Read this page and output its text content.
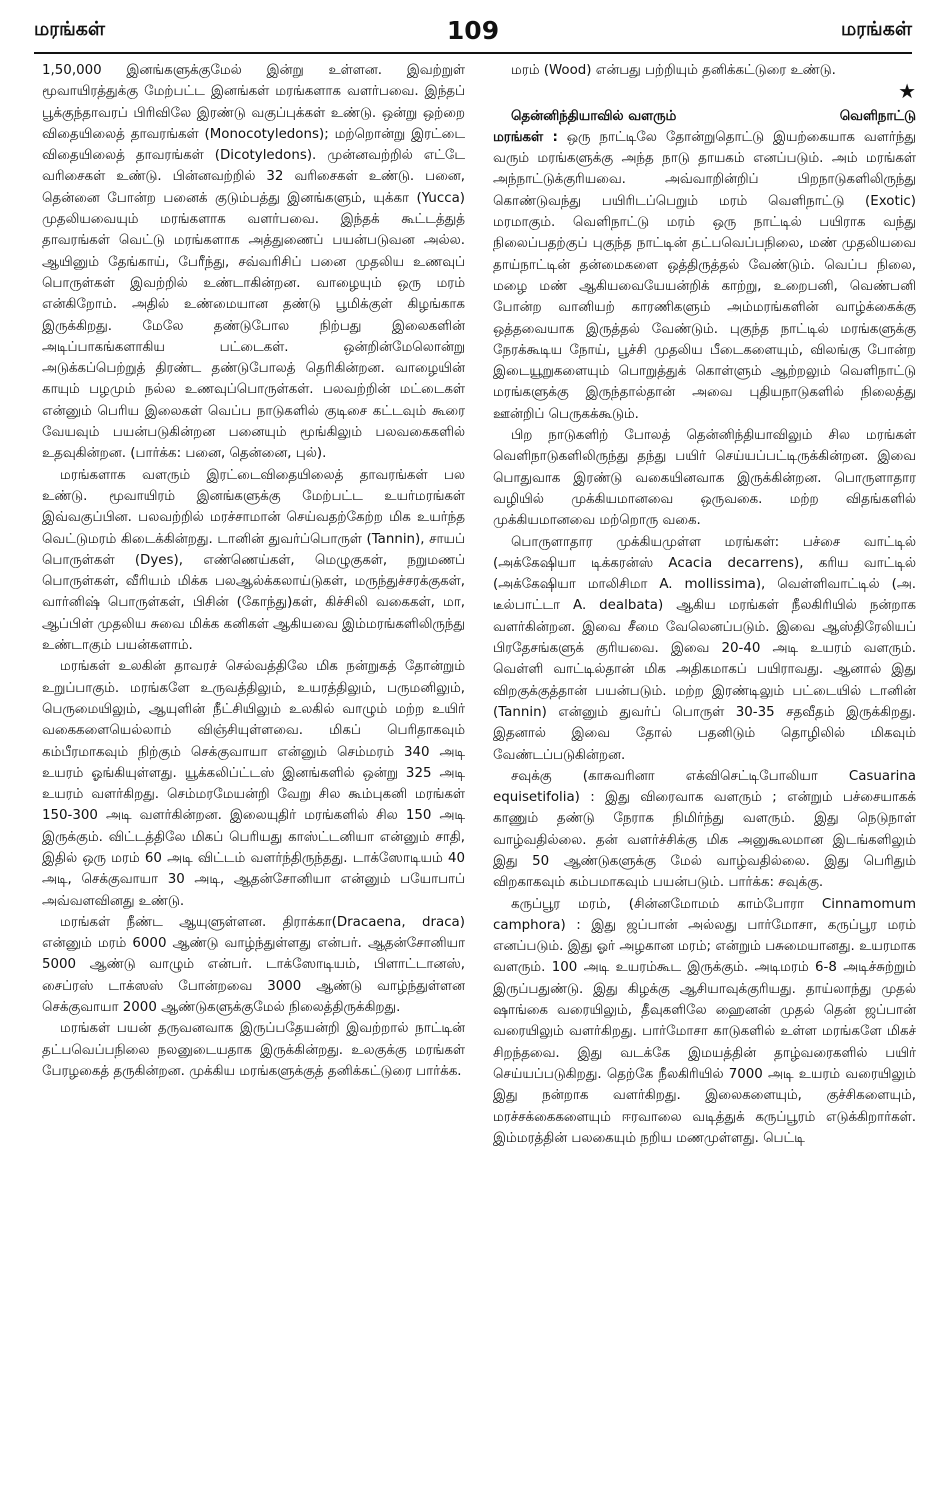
மரங்கள்	109	மரங்கள்

1,50,000 இனங்களுக்குமேல் இன்று உள்ளன. இவற்றுள் மூவாயிரத்துக்கு மேற்பட்ட இனங்கள் மரங்களாக வளர்பவை. இந்தப் பூக்குந்தாவரப் பிரிவிலே இரண்டு வகுப்புக்கள் உண்டு. ஒன்று ஒற்றை விதையிலைத் தாவரங்கள் (Monocotyledons); மற்றொன்று இரட்டை விதையிலைத் தாவரங்கள் (Dicotyledons). முன்னவற்றில் எட்டே வரிசைகள் உண்டு. பின்னவற்றில் 32 வரிசைகள் உண்டு. பனை, தென்னை போன்ற பனைக் குடும்பத்து இனங்களும், யுக்கா (Yucca) முதலியவையும் மரங்களாக வளர்பவை. இந்தக் கூட்டத்துத் தாவரங்கள் வெட்டு மரங்களாக அத்துணைப் பயன்படுவன அல்ல. ஆயினும் தேங்காய், பேரீந்து, சவ்வரிசிப் பனை முதலிய உணவுப் பொருள்கள் இவற்றில் உண்டாகின்றன. வாழையும் ஒரு மரம் என்கிறோம். அதில் உண்மையான தண்டு பூமிக்குள் கிழங்காக இருக்கிறது. மேலே தண்டுபோல நிற்பது இலைகளின் அடிப்பாகங்களாகிய பட்டைகள். ஒன்றின்மேலொன்று அடுக்கப்பெற்றுத் திரண்ட தண்டுபோலத் தெரிகின்றன. வாழையின் காயும் பழமும் நல்ல உணவுப்பொருள்கள். பலவற்றின் மட்டைகள் என்னும் பெரிய இலைகள் வெப்ப நாடுகளில் குடிசை கட்டவும் கூரை வேயவும் பயன்படுகின்றன பனையும் மூங்கிலும் பலவகைகளில் உதவுகின்றன. (பார்க்க: பனை, தென்னை, புல்).

மரங்களாக வளரும் இரட்டைவிதையிலைத் தாவரங்கள் பல உண்டு. மூவாயிரம் இனங்களுக்கு மேற்பட்ட உயர்மரங்கள் இவ்வகுப்பின. பலவற்றில் மரச்சாமான் செய்வதற்கேற்ற மிக உயர்ந்த வெட்டுமரம் கிடைக்கின்றது. டானின் துவர்ப்பொருள் (Tannin), சாயப் பொருள்கள் (Dyes), எண்ணெய்கள், மெழுகுகள், நறுமணப் பொருள்கள், வீரியம் மிக்க பலஆல்க்கலாய்டுகள், மருந்துச்சரக்குகள், வார்னிஷ் பொருள்கள், பிசின் (கோந்து)கள், கிச்சிலி வகைகள், மா, ஆப்பிள் முதலிய சுவை மிக்க கனிகள் ஆகியவை இம்மரங்களிலிருந்து உண்டாகும் பயன்களாம்.

மரங்கள் உலகின் தாவரச் செல்வத்திலே மிக நன்றுகத் தோன்றும் உறுப்பாகும். மரங்களே உருவத்திலும், உயரத்திலும், பருமனிலும், பெருமையிலும், ஆயுளின் நீட்சியிலும் உலகில் வாழும் மற்ற உயிர் வகைகளையெல்லாம் விஞ்சியுள்ளவை. மிகப் பெரிதாகவும் கம்பீரமாகவும் நிற்கும் செக்குவாயா என்னும் செம்மரம் 340 அடி உயரம் ஓங்கியுள்ளது. யூக்கலிப்ட்டஸ் இனங்களில் ஒன்று 325 அடி உயரம் வளர்கிறது. செம்மரமேயன்றி வேறு சில கூம்புகனி மரங்கள் 150-300 அடி வளர்கின்றன. இலையுதிர் மரங்களில் சில 150 அடி இருக்கும். விட்டத்திலே மிகப் பெரியது காஸ்ட்டனியா என்னும் சாதி, இதில் ஒரு மரம் 60 அடி விட்டம் வளர்ந்திருந்தது. டாக்ஸோடியம் 40 அடி, செக்குவாயா 30 அடி, ஆதன்சோனியா என்னும் பயோபாப் அவ்வளவினது உண்டு.

மரங்கள் நீண்ட ஆயுளுள்ளன. திராக்கா(Dracaena, draca) என்னும் மரம் 6000 ஆண்டு வாழ்ந்துள்ளது என்பர். ஆதன்சோனியா 5000 ஆண்டு வாழும் என்பர். டாக்ஸோடியம், பிளாட்டானஸ், சைப்ரஸ் டாக்ஸஸ் போன்றவை 3000 ஆண்டு வாழ்ந்துள்ளன செக்குவாயா 2000 ஆண்டுகளுக்குமேல் நிலைத்திருக்கிறது.

மரங்கள் பயன் தருவனவாக இருப்பதேயன்றி இவற்றால் நாட்டின் தட்பவெப்பநிலை நலனுடையதாக இருக்கின்றது. உலகுக்கு மரங்கள் பேரழகைத் தருகின்றன. முக்கிய மரங்களுக்குத் தனிக்கட்டுரை பார்க்க.

மரம் (Wood) என்பது பற்றியும் தனிக்கட்டுரை உண்டு.

★
தென்னிந்தியாவில் வளரும்	வெளிநாட்டு

மரங்கள் : ஒரு நாட்டிலே தோன்றுதொட்டு இயற்கையாக வளர்ந்து வரும் மரங்களுக்கு அந்த நாடு தாயகம் எனப்படும். அம் மரங்கள் அந்நாட்டுக்குரியவை. அவ்வாறின்றிப் பிறநாடுகளிலிருந்து கொண்டுவந்து பயிரிடப்பெறும் மரம் வெளிநாட்டு (Exotic) மரமாகும். வெளிநாட்டு மரம் ஒரு நாட்டில் பயிராக வந்து நிலைப்பதற்குப் புகுந்த நாட்டின் தட்பவெப்பநிலை, மண் முதலியவை தாய்நாட்டின் தன்மைகளை ஒத்திருத்தல் வேண்டும். வெப்ப நிலை, மழை மண் ஆகியவையேயன்றிக் காற்று, உறைபனி, வெண்பனி போன்ற வானியற் காரணிகளும் அம்மரங்களின் வாழ்க்கைக்கு ஒத்தவையாக இருத்தல் வேண்டும். புகுந்த நாட்டில் மரங்களுக்கு நேரக்கூடிய நோய், பூச்சி முதலிய பீடைகளையும், விலங்கு போன்ற இடையூறுகளையும் பொறுத்துக் கொள்ளும் ஆற்றலும் வெளிநாட்டு மரங்களுக்கு இருந்தால்தான் அவை புதியநாடுகளில் நிலைத்து ஊன்றிப் பெருகக்கூடும்.

பிற நாடுகளிற் போலத் தென்னிந்தியாவிலும் சில மரங்கள் வெளிநாடுகளிலிருந்து தந்து பயிர் செய்யப்பட்டிருக்கின்றன. இவை பொதுவாக இரண்டு வகையினவாக இருக்கின்றன. பொருளாதார வழியில் முக்கியமானவை ஒருவகை. மற்ற விதங்களில் முக்கியமானவை மற்றொரு வகை.

பொருளாதார முக்கியமுள்ள மரங்கள்: பச்சை வாட்டில் (அக்கேஷியா டிக்கரன்ஸ் Acacia decarrens), கரிய வாட்டில் (அக்கேஷியா மாலிசிமா A. mollissima), வெள்ளிவாட்டில் (அ. டீல்பாட்டா A. dealbata) ஆகிய மரங்கள் நீலகிரியில் நன்றாக வளர்கின்றன. இவை சீமை வேலெனப்படும். இவை ஆஸ்திரேலியப் பிரதேசங்களுக் குரியவை. இவை 20-40 அடி உயரம் வளரும். வெள்ளி வாட்டில்தான் மிக அதிகமாகப் பயிராவது. ஆனால் இது விறகுக்குத்தான் பயன்படும். மற்ற இரண்டிலும் பட்டையில் டானின் (Tannin) என்னும் துவர்ப் பொருள் 30-35 சதவீதம் இருக்கிறது. இதனால் இவை தோல் பதனிடும் தொழிலில் மிகவும் வேண்டப்படுகின்றன.

சவுக்கு (காசுவரினா எக்விசெட்டிபோலியா Casuarina equisetifolia) : இது விரைவாக வளரும் ; என்றும் பச்சையாகக் காணும் தண்டு நேராக நிமிர்ந்து வளரும். இது நெடுநாள் வாழ்வதில்லை. தன் வளர்ச்சிக்கு மிக அனுகூலமான இடங்களிலும் இது 50 ஆண்டுகளுக்கு மேல் வாழ்வதில்லை. இது பெரிதும் விறகாகவும் கம்பமாகவும் பயன்படும். பார்க்க: சவுக்கு.

கருப்பூர மரம், (சின்னமோமம் காம்போரா Cinnamomum camphora) : இது ஜப்பான் அல்லது பார்மோசா, கருப்பூர மரம் எனப்படும். இது ஓர் அழகான மரம்; என்றும் பசுமையானது. உயரமாக வளரும். 100 அடி உயரம்கூட இருக்கும். அடிமரம் 6-8 அடிச்சுற்றும் இருப்பதுண்டு. இது கிழக்கு ஆசியாவுக்குரியது. தாய்லாந்து முதல் ஷாங்கை வரையிலும், தீவுகளிலே ஹைனன் முதல் தென் ஜப்பான் வரையிலும் வளர்கிறது. பார்மோசா காடுகளில் உள்ள மரங்களே மிகச் சிறந்தவை. இது வடக்கே இமயத்தின் தாழ்வரைகளில் பயிர் செய்யப்படுகிறது. தெற்கே நீலகிரியில் 7000 அடி உயரம் வரையிலும் இது நன்றாக வளர்கிறது. இலைகளையும், குச்சிகளையும், மரச்சக்கைகளையும் ஈரவாலை வடித்துக் கருப்பூரம் எடுக்கிறார்கள். இம்மரத்தின் பலகையும் நறிய மணமுள்ளது. பெட்டி
